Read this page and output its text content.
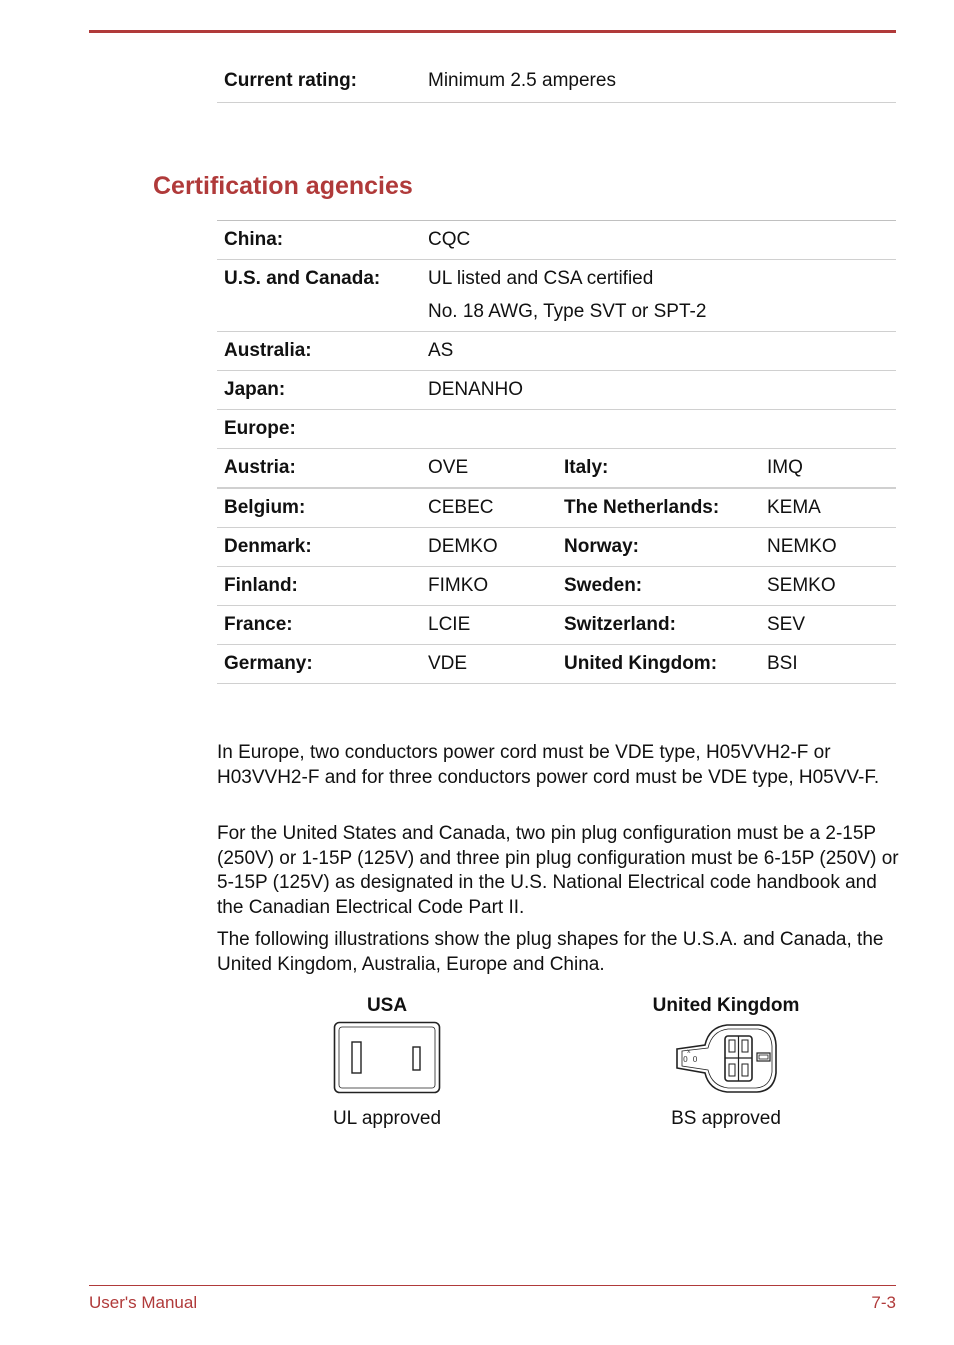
Current rating:	Minimum 2.5 amperes
Certification agencies
China:	CQC		
U.S. and Canada:	UL listed and CSA certified
No. 18 AWG, Type SVT or SPT-2		

Australia:	AS		
Japan:	DENANHO		
Europe:			
Austria:	OVE	Italy:	IMQ
Belgium:	CEBEC	The Netherlands:	KEMA
Denmark:	DEMKO	Norway:	NEMKO
Finland:	FIMKO	Sweden:	SEMKO
France:	LCIE	Switzerland:	SEV
Germany:	VDE	United Kingdom:	BSI

In Europe, two conductors power cord must be VDE type, H05VVH2-F or H03VVH2-F and for three conductors power cord must be VDE type, H05VV-F.

For the United States and Canada, two pin plug configuration must be a 2-15P (250V) or 1-15P (125V) and three pin plug configuration must be 6-15P (250V) or 5-15P (125V) as designated in the U.S. National Electrical code handbook and the Canadian Electrical Code Part II.

The following illustrations show the plug shapes for the U.S.A. and Canada, the United Kingdom, Australia, Europe and China.

USA
UL approved
United Kingdom
O O
x
BS approved
User's Manual	7-3
